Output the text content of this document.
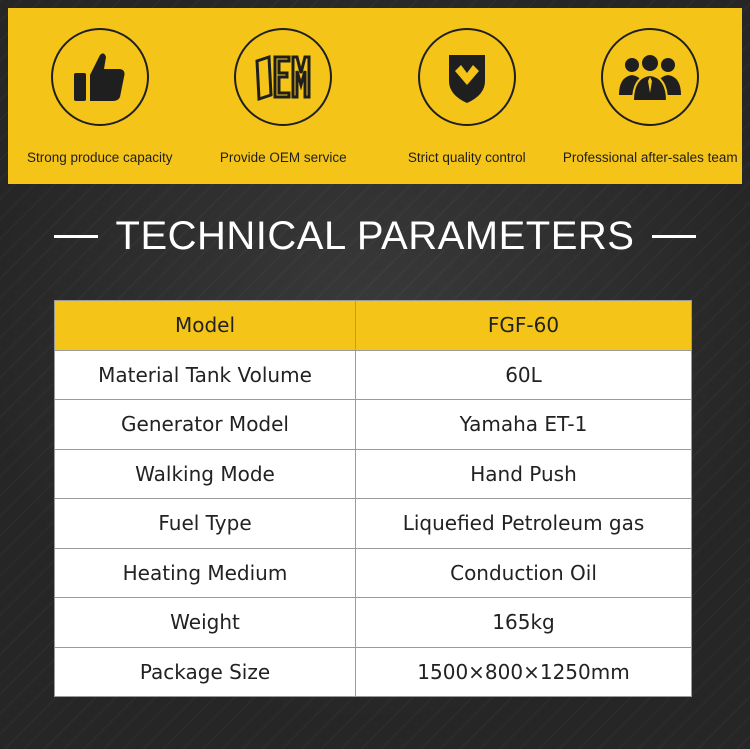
Strong produce capacity	Provide OEM service	Strict quality control	Professional after-sales team
TECHNICAL PARAMETERS
Model	FGF-60
Material Tank Volume	60L
Generator Model	Yamaha ET-1
Walking Mode	Hand Push
Fuel Type	Liquefied Petroleum gas
Heating Medium	Conduction Oil
Weight	165kg
Package Size	1500×800×1250mm
